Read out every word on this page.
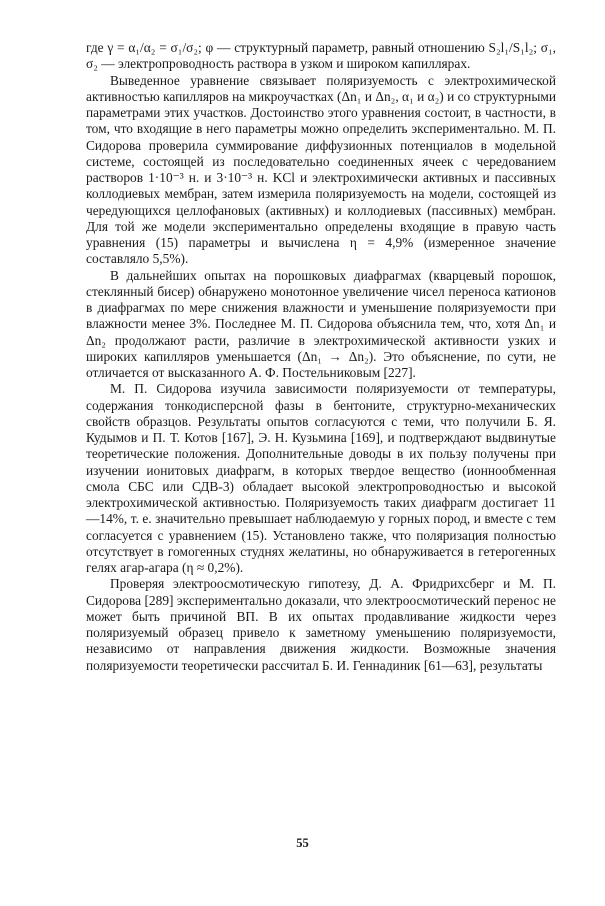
где γ = α₁/α₂ = σ₁/σ₂; φ — структурный параметр, равный отношению S₂l₁/S₁l₂; σ₁, σ₂ — электропроводность раствора в узком и широком капиллярах.

Выведенное уравнение связывает поляризуемость с электрохимической активностью капилляров на микроучастках (Δn₁ и Δn₂, α₁ и α₂) и со структурными параметрами этих участков. Достоинство этого уравнения состоит, в частности, в том, что входящие в него параметры можно определить экспериментально. М. П. Сидорова проверила суммирование диффузионных потенциалов в модельной системе, состоящей из последовательно соединенных ячеек с чередованием растворов 1·10⁻³ н. и 3·10⁻³ н. KCl и электрохимически активных и пассивных коллодиевых мембран, затем измерила поляризуемость на модели, состоящей из чередующихся целлофановых (активных) и коллодиевых (пассивных) мембран. Для той же модели экспериментально определены входящие в правую часть уравнения (15) параметры и вычислена η = 4,9% (измеренное значение составляло 5,5%).

В дальнейших опытах на порошковых диафрагмах (кварцевый порошок, стеклянный бисер) обнаружено монотонное увеличение чисел переноса катионов в диафрагмах по мере снижения влажности и уменьшение поляризуемости при влажности менее 3%. Последнее М. П. Сидорова объяснила тем, что, хотя Δn₁ и Δn₂ продолжают расти, различие в электрохимической активности узких и широких капилляров уменьшается (Δn₁ → Δn₂). Это объяснение, по сути, не отличается от высказанного А. Ф. Постельниковым [227].

М. П. Сидорова изучила зависимости поляризуемости от температуры, содержания тонкодисперсной фазы в бентоните, структурно-механических свойств образцов. Результаты опытов согласуются с теми, что получили Б. Я. Кудымов и П. Т. Котов [167], Э. Н. Кузьмина [169], и подтверждают выдвинутые теоретические положения. Дополнительные доводы в их пользу получены при изучении ионитовых диафрагм, в которых твердое вещество (ионнообменная смола СБС или СДВ-3) обладает высокой электропроводностью и высокой электрохимической активностью. Поляризуемость таких диафрагм достигает 11—14%, т. е. значительно превышает наблюдаемую у горных пород, и вместе с тем согласуется с уравнением (15). Установлено также, что поляризация полностью отсутствует в гомогенных студнях желатины, но обнаруживается в гетерогенных гелях агар-агара (η ≈ 0,2%).

Проверяя электроосмотическую гипотезу, Д. А. Фридрихсберг и М. П. Сидорова [289] экспериментально доказали, что электроосмотический перенос не может быть причиной ВП. В их опытах продавливание жидкости через поляризуемый образец привело к заметному уменьшению поляризуемости, независимо от направления движения жидкости. Возможные значения поляризуемости теоретически рассчитал Б. И. Геннадиник [61—63], результаты

55
